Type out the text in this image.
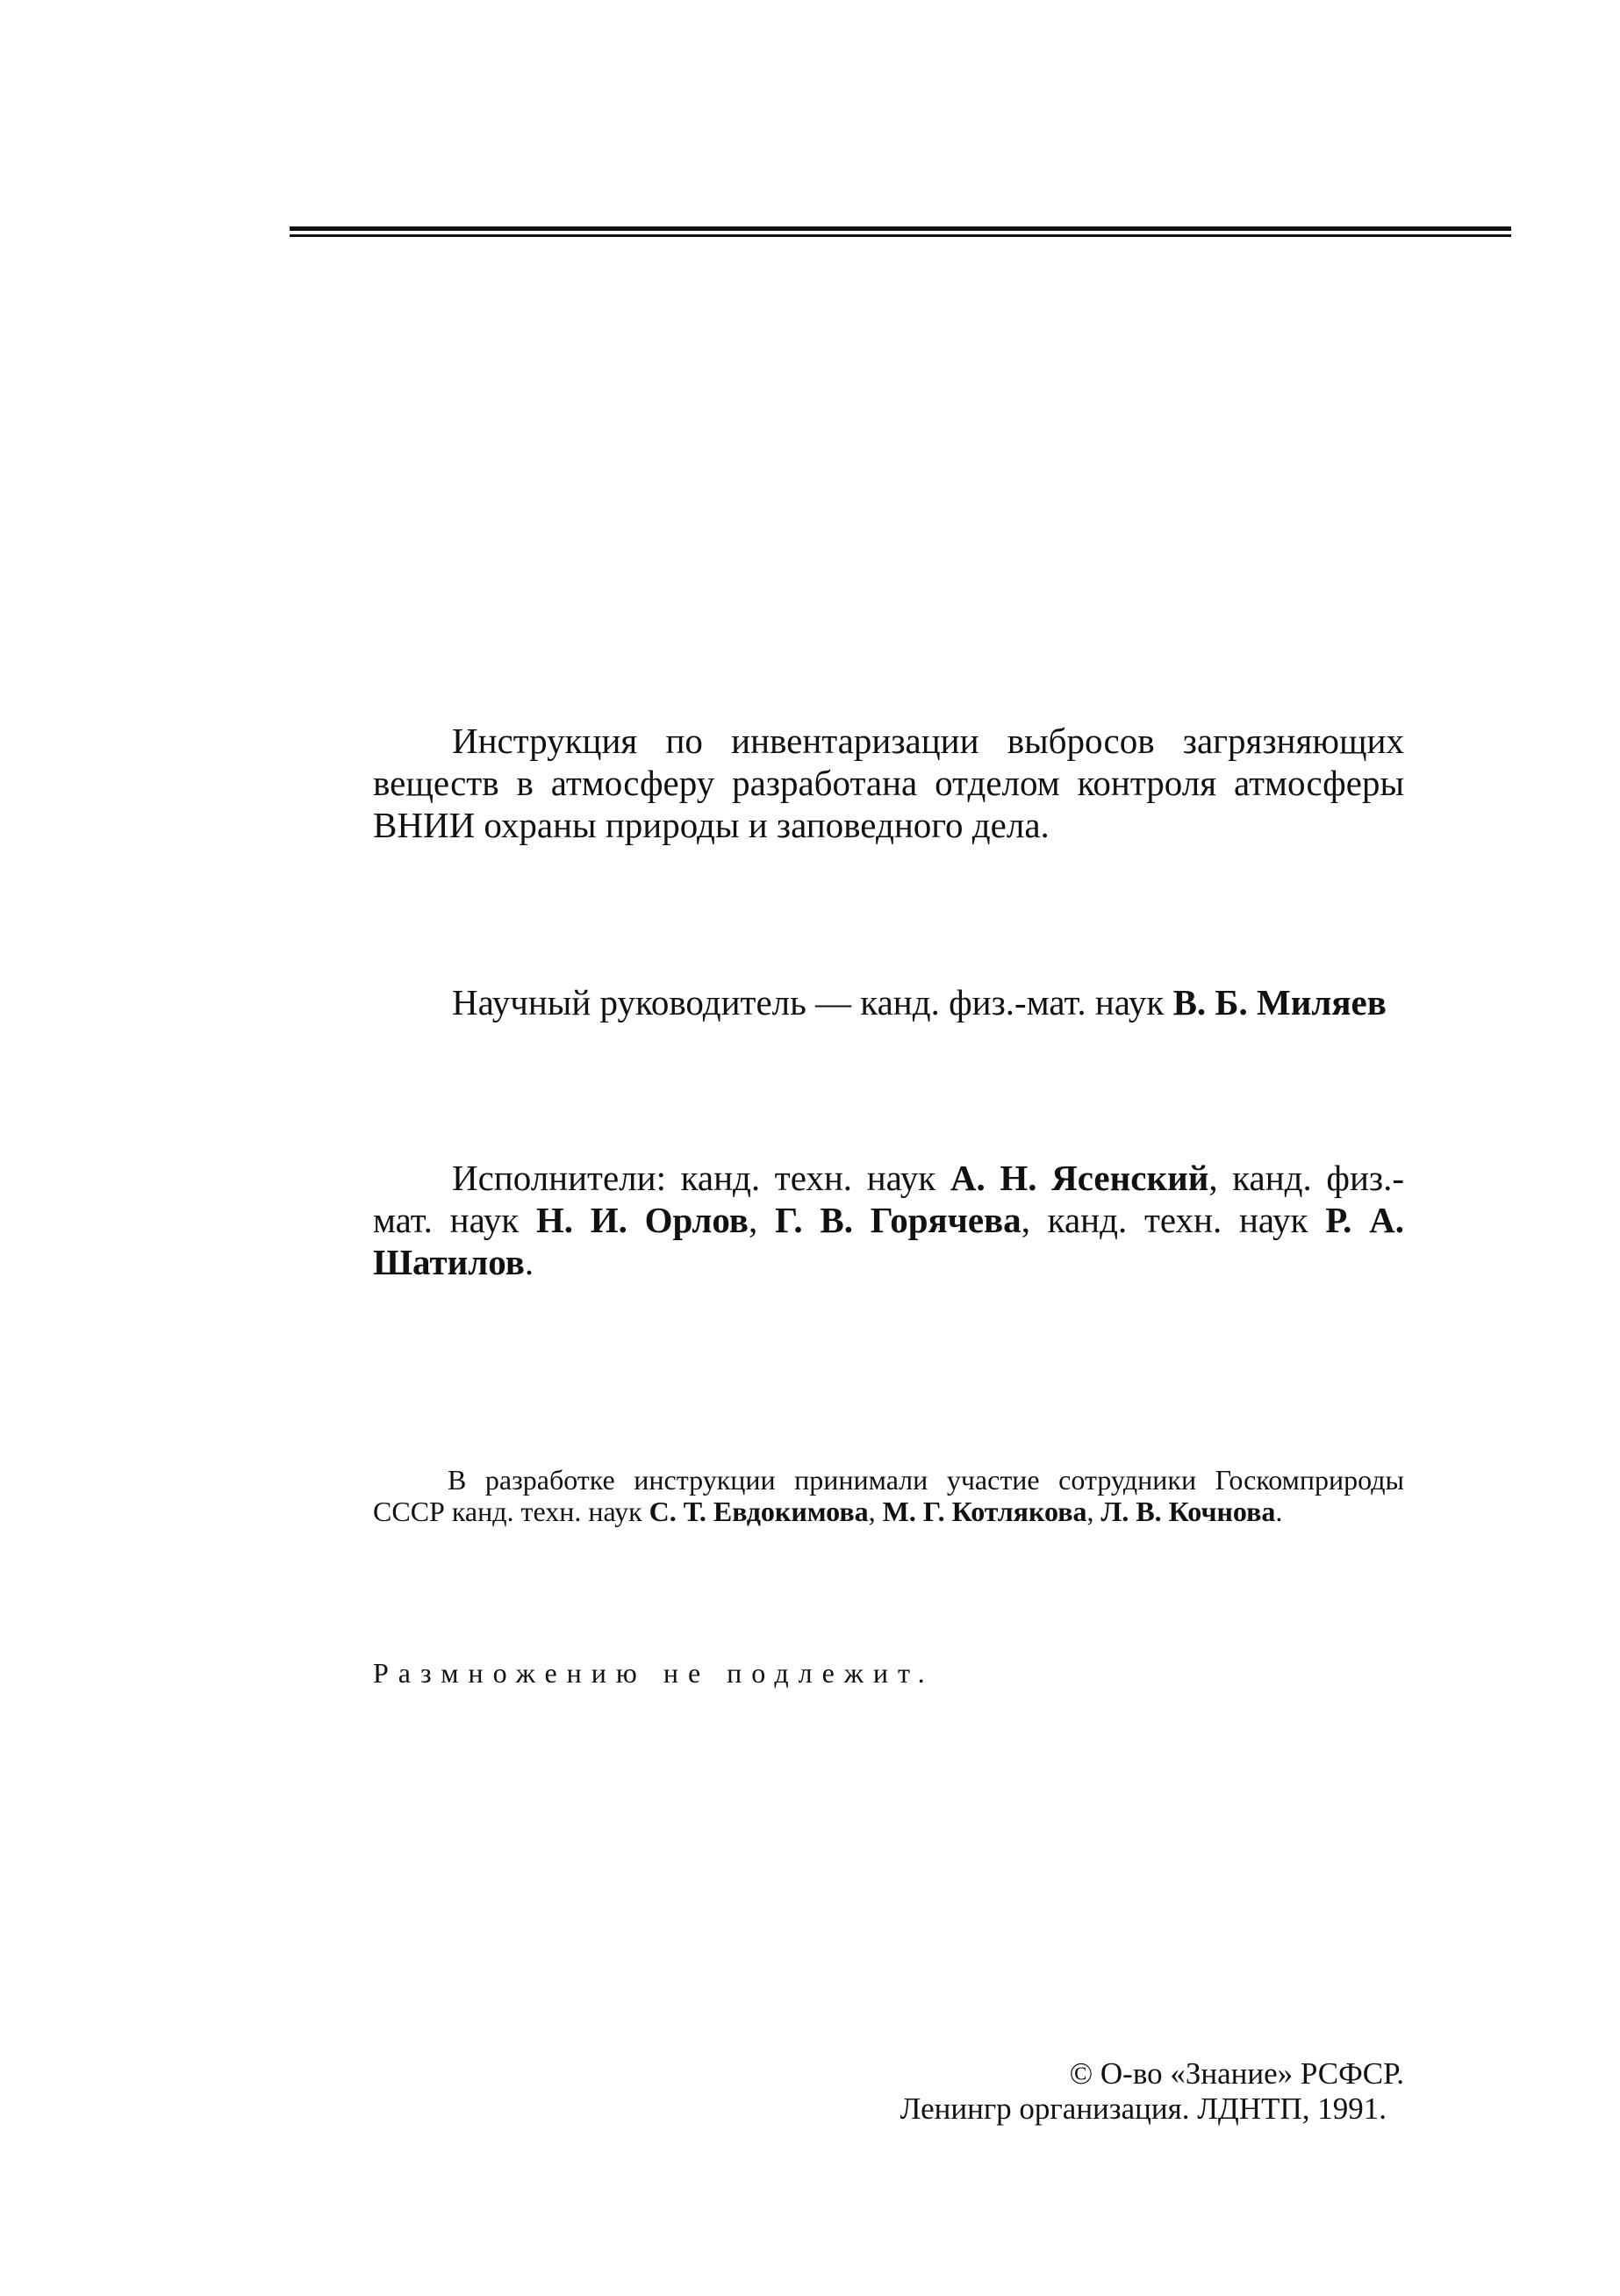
Инструкция по инвентаризации выбросов загрязняющих веществ в атмосферу разработана отделом контроля атмосферы ВНИИ охраны природы и заповедного дела.

Научный руководитель — канд. физ.-мат. наук В. Б. Миляев

Исполнители: канд. техн. наук А. Н. Ясенский, канд. физ.-мат. наук Н. И. Орлов, Г. В. Горячева, канд. техн. наук Р. А. Шатилов.

В разработке инструкции принимали участие сотрудники Госкомприроды СССР канд. техн. наук С. Т. Евдокимова, М. Г. Котлякова, Л. В. Кочнова.

Размножению не подлежит.
© О-во «Знание» РСФСР.
Ленингр организация. ЛДНТП, 1991.
